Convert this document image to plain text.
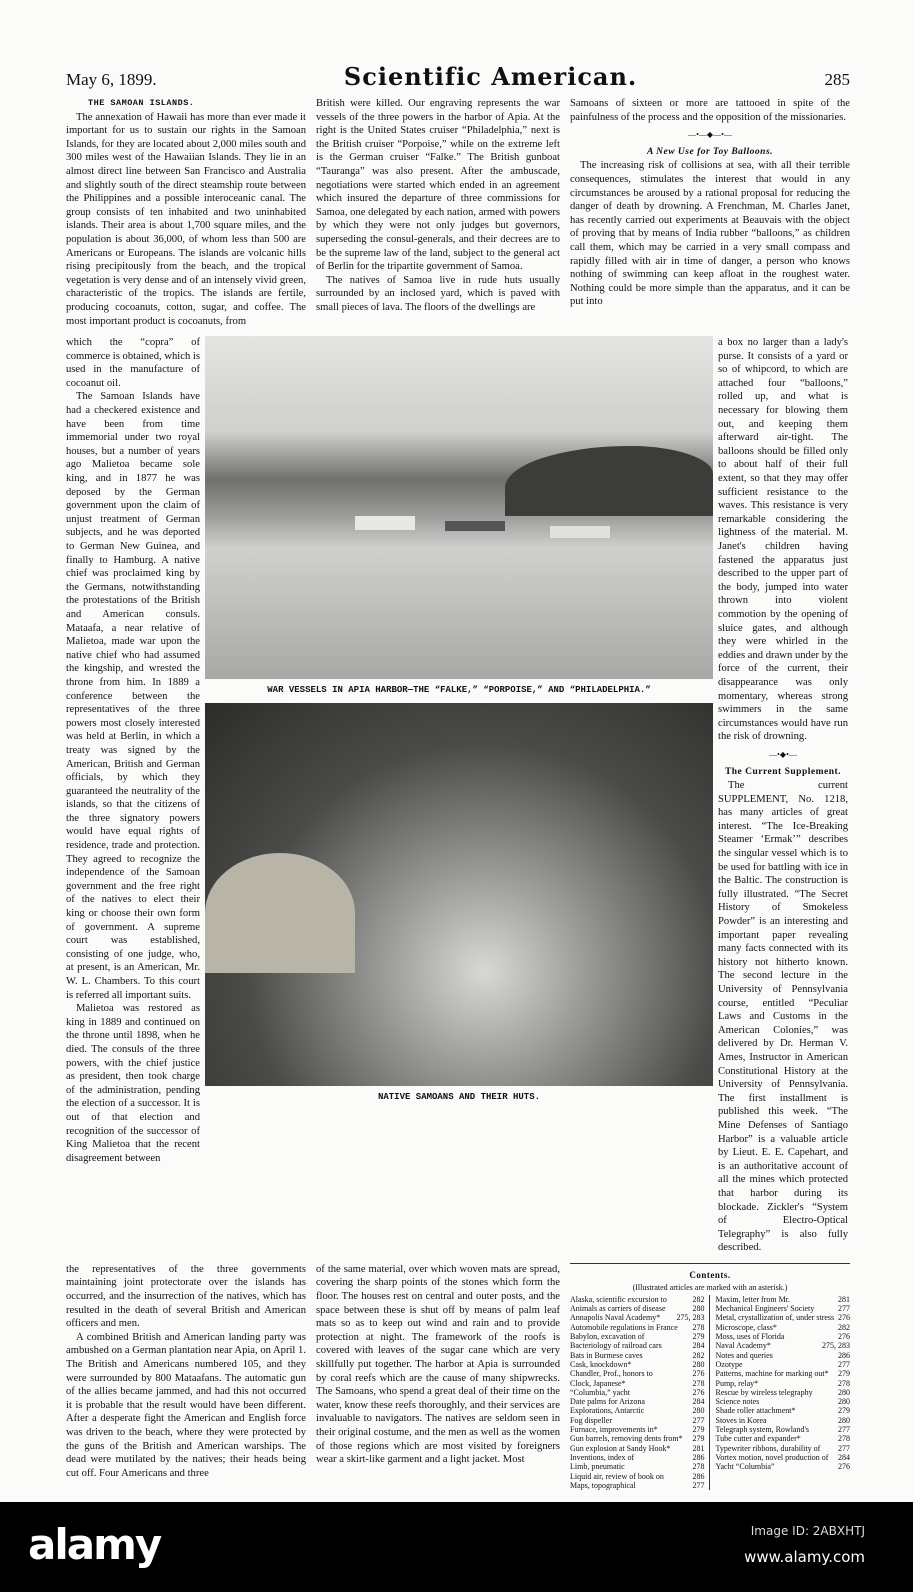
May 6, 1899.	Scientific American.	285
THE SAMOAN ISLANDS.

The annexation of Hawaii has more than ever made it important for us to sustain our rights in the Samoan Islands, for they are located about 2,000 miles south and 300 miles west of the Hawaiian Islands. They lie in an almost direct line between San Francisco and Australia and slightly south of the direct steamship route between the Philippines and a possible interoceanic canal. The group consists of ten inhabited and two uninhabited islands. Their area is about 1,700 square miles, and the population is about 36,000, of whom less than 500 are Americans or Europeans. The islands are volcanic hills rising precipitously from the beach, and the tropical vegetation is very dense and of an intensely vivid green, characteristic of the tropics. The islands are fertile, producing cocoanuts, cotton, sugar, and coffee. The most important product is cocoanuts, from

British were killed. Our engraving represents the war vessels of the three powers in the harbor of Apia. At the right is the United States cruiser “Philadelphia,” next is the British cruiser “Porpoise,” while on the extreme left is the German cruiser “Falke.” The British gunboat “Tauranga” was also present. After the ambuscade, negotiations were started which ended in an agreement which insured the departure of three commissions for Samoa, one delegated by each nation, armed with powers by which they were not only judges but governors, superseding the consul-generals, and their decrees are to be the supreme law of the land, subject to the general act of Berlin for the tripartite government of Samoa.

The natives of Samoa live in rude huts usually surrounded by an inclosed yard, which is paved with small pieces of lava. The floors of the dwellings are

Samoans of sixteen or more are tattooed in spite of the painfulness of the process and the opposition of the missionaries.

—•—◆—•—
A New Use for Toy Balloons.

The increasing risk of collisions at sea, with all their terrible consequences, stimulates the interest that would in any circumstances be aroused by a rational proposal for reducing the danger of death by drowning. A Frenchman, M. Charles Janet, has recently carried out experiments at Beauvais with the object of proving that by means of India rubber “balloons,” as children call them, which may be carried in a very small compass and rapidly filled with air in time of danger, a person who knows nothing of swimming can keep afloat in the roughest water. Nothing could be more simple than the apparatus, and it can be put into

which the “copra” of commerce is obtained, which is used in the manufacture of cocoanut oil.

The Samoan Islands have had a checkered existence and have been from time immemorial under two royal houses, but a number of years ago Malietoa became sole king, and in 1877 he was deposed by the German government upon the claim of unjust treatment of German subjects, and he was deported to German New Guinea, and finally to Hamburg. A native chief was proclaimed king by the Germans, notwithstanding the protestations of the British and American consuls. Mataafa, a near relative of Malietoa, made war upon the native chief who had assumed the kingship, and wrested the throne from him. In 1889 a conference between the representatives of the three powers most closely interested was held at Berlin, in which a treaty was signed by the American, British and German officials, by which they guaranteed the neutrality of the islands, so that the citizens of the three signatory powers would have equal rights of residence, trade and protection. They agreed to recognize the independence of the Samoan government and the free right of the natives to elect their king or choose their own form of government. A supreme court was established, consisting of one judge, who, at present, is an American, Mr. W. L. Chambers. To this court is referred all important suits.

Malietoa was restored as king in 1889 and continued on the throne until 1898, when he died. The consuls of the three powers, with the chief justice as president, then took charge of the administration, pending the election of a successor. It is out of that election and recognition of the successor of King Malietoa that the recent disagreement between

WAR VESSELS IN APIA HARBOR—THE “FALKE,” “PORPOISE,” AND “PHILADELPHIA.”
NATIVE SAMOANS AND THEIR HUTS.

a box no larger than a lady's purse. It consists of a yard or so of whipcord, to which are attached four “balloons,” rolled up, and what is necessary for blowing them out, and keeping them afterward air-tight. The balloons should be filled only to about half of their full extent, so that they may offer sufficient resistance to the waves. This resistance is very remarkable considering the lightness of the material. M. Janet's children having fastened the apparatus just described to the upper part of the body, jumped into water thrown into violent commotion by the opening of sluice gates, and although they were whirled in the eddies and drawn under by the force of the current, their disappearance was only momentary, whereas strong swimmers in the same circumstances would have run the risk of drowning.

—•◆•—
The Current Supplement.

The current SUPPLEMENT, No. 1218, has many articles of great interest. “The Ice-Breaking Steamer ‘Ermak’” describes the singular vessel which is to be used for battling with ice in the Baltic. The construction is fully illustrated. “The Secret History of Smokeless Powder” is an interesting and important paper revealing many facts connected with its history not hitherto known. The second lecture in the University of Pennsylvania course, entitled “Peculiar Laws and Customs in the American Colonies,” was delivered by Dr. Herman V. Ames, Instructor in American Constitutional History at the University of Pennsylvania. The first installment is published this week. “The Mine Defenses of Santiago Harbor” is a valuable article by Lieut. E. E. Capehart, and is an authoritative account of all the mines which protected that harbor during its blockade. Zickler's “System of Electro-Optical Telegraphy” is also fully described.

the representatives of the three governments maintaining joint protectorate over the islands has occurred, and the insurrection of the natives, which has resulted in the death of several British and American officers and men.

A combined British and American landing party was ambushed on a German plantation near Apia, on April 1. The British and Americans numbered 105, and they were surrounded by 800 Mataafans. The automatic gun of the allies became jammed, and had this not occurred it is probable that the result would have been different. After a desperate fight the American and English force was driven to the beach, where they were protected by the guns of the British and American warships. The dead were mutilated by the natives; their heads being cut off. Four Americans and three

of the same material, over which woven mats are spread, covering the sharp points of the stones which form the floor. The houses rest on central and outer posts, and the space between these is shut off by means of palm leaf mats so as to keep out wind and rain and to provide protection at night. The framework of the roofs is covered with leaves of the sugar cane which are very skillfully put together. The harbor at Apia is surrounded by coral reefs which are the cause of many shipwrecks. The Samoans, who spend a great deal of their time on the water, know these reefs thoroughly, and their services are invaluable to navigators. The natives are seldom seen in their original costume, and the men as well as the women of those regions which are most visited by foreigners wear a skirt-like garment and a light jacket. Most

Contents.
(Illustrated articles are marked with an asterisk.)
Alaska, scientific excursion to	282
Animals as carriers of disease	280
Annapolis Naval Academy*	275, 283
Automobile regulations in France	278
Babylon, excavation of	279
Bacteriology of railroad cars	284
Bats in Burmese caves	282
Cask, knockdown*	280
Chandler, Prof., honors to	276
Clock, Japanese*	278
“Columbia,” yacht	276
Date palms for Arizona	284
Explorations, Antarctic	280
Fog dispeller	277
Furnace, improvements in*	279
Gun barrels, removing dents from*	279
Gun explosion at Sandy Hook*	281
Inventions, index of	286
Limb, pneumatic	278
Liquid air, review of book on	286
Maps, topographical	277
Maxim, letter from Mr.	281
Mechanical Engineers' Society	277
Metal, crystallization of, under stress 276
Microscope, class*	282
Moss, uses of Florida	276
Naval Academy*	275, 283
Notes and queries	286
Ozotype	277
Patterns, machine for marking out*	279
Pump, relay*	278
Rescue by wireless telegraphy	280
Science notes	280
Shade roller attachment*	279
Stoves in Korea	280
Telegraph system, Rowland's	277
Tube cutter and expander*	278
Typewriter ribbons, durability of	277
Vortex motion, novel production of	284
Yacht “Columbia”	276
alamy	Image ID: 2ABXHTJ
www.alamy.com
